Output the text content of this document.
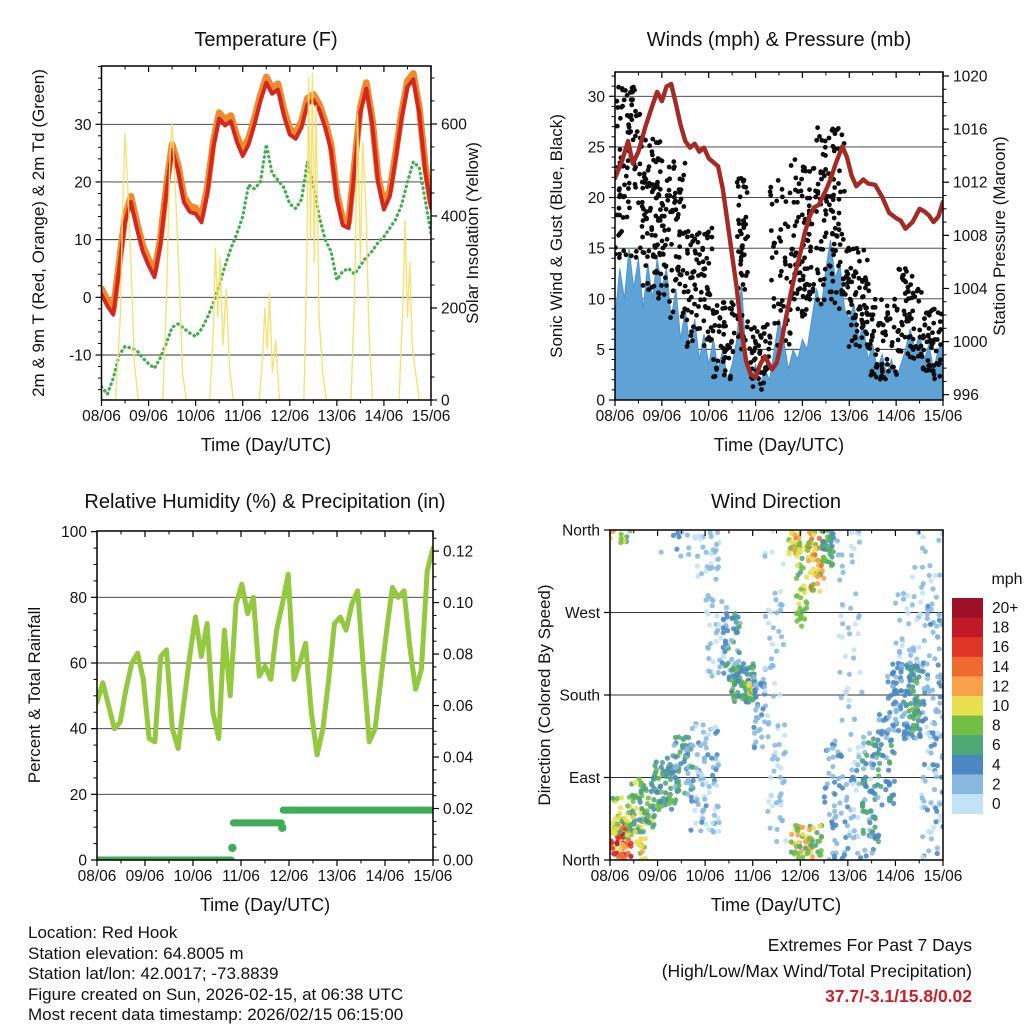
08/06 09/06 10/06 11/06 12/06 13/06 14/06 15/06
30
20
10
0
-10
600
400
200
0
08/06 09/06 10/06 11/06 12/06 13/06 14/06 15/06
30
25
20
15
10
5
0
1020
1016
1012
1008
1004
1000
996
08/06 09/06 10/06 11/06 12/06 13/06 14/06 15/06
100
80
60
40
20
0
0.12
0.10
0.08
0.06
0.04
0.02
0.00
08/06 09/06 10/06 11/06 12/06 13/06 14/06 15/06
North
West
South
East
North
20+
18
16
14
12
10
8
6
4
2
0
Temperature (F)	Winds (mph) & Pressure (mb)
Relative Humidity (%) & Precipitation (in)	Wind Direction
Time (Day/UTC)	Time (Day/UTC)
Time (Day/UTC)	Time (Day/UTC)
2m & 9m T (Red, Orange) & 2m Td (Green)	Solar Insolation (Yellow)	Sonic Wind & Gust (Blue, Black)	Station Pressure (Maroon)
Percent & Total Rainfall	Direction (Colored By Speed)
mph
Location: Red Hook
Station elevation: 64.8005 m
Station lat/lon: 42.0017; -73.8839
Figure created on Sun, 2026-02-15, at 06:38 UTC
Most recent data timestamp: 2026/02/15 06:15:00
Extremes For Past 7 Days
(High/Low/Max Wind/Total Precipitation)
37.7/-3.1/15.8/0.02
